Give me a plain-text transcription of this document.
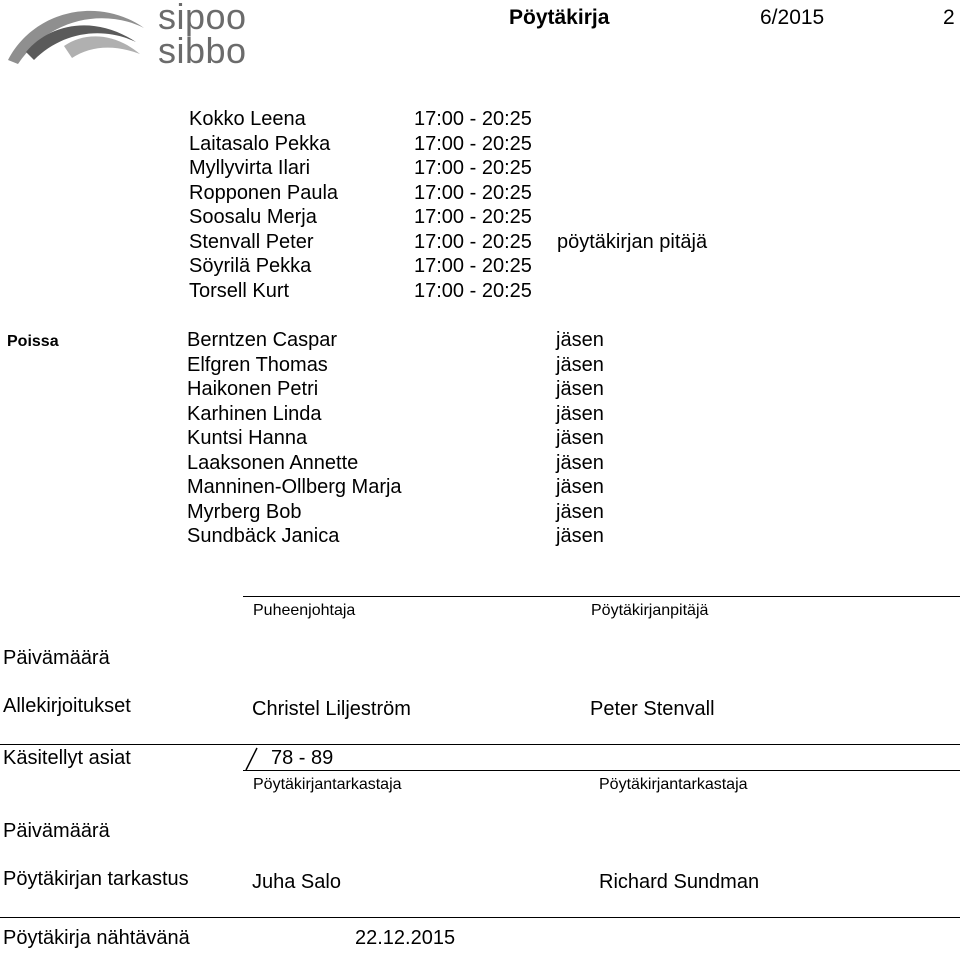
sipoo
sibbo
Pöytäkirja	6/2015	2
Kokko Leena	17:00 - 20:25
Laitasalo Pekka	17:00 - 20:25
Myllyvirta Ilari	17:00 - 20:25
Ropponen Paula	17:00 - 20:25
Soosalu Merja	17:00 - 20:25
Stenvall Peter	17:00 - 20:25 pöytäkirjan pitäjä
Söyrilä Pekka	17:00 - 20:25
Torsell Kurt	17:00 - 20:25
Poissa	Berntzen Caspar	jäsen
Elfgren Thomas	jäsen
Haikonen Petri	jäsen
Karhinen Linda	jäsen
Kuntsi Hanna	jäsen
Laaksonen Annette	jäsen
Manninen-Ollberg Marja	jäsen
Myrberg Bob	jäsen
Sundbäck Janica	jäsen
Puheenjohtaja	Pöytäkirjanpitäjä
Päivämäärä
Allekirjoitukset	Christel Liljeström	Peter Stenvall
Käsitellyt asiat	78 - 89
Pöytäkirjantarkastaja	Pöytäkirjantarkastaja
Päivämäärä
Pöytäkirjan tarkastus	Juha Salo	Richard Sundman
Pöytäkirja nähtävänä	22.12.2015
